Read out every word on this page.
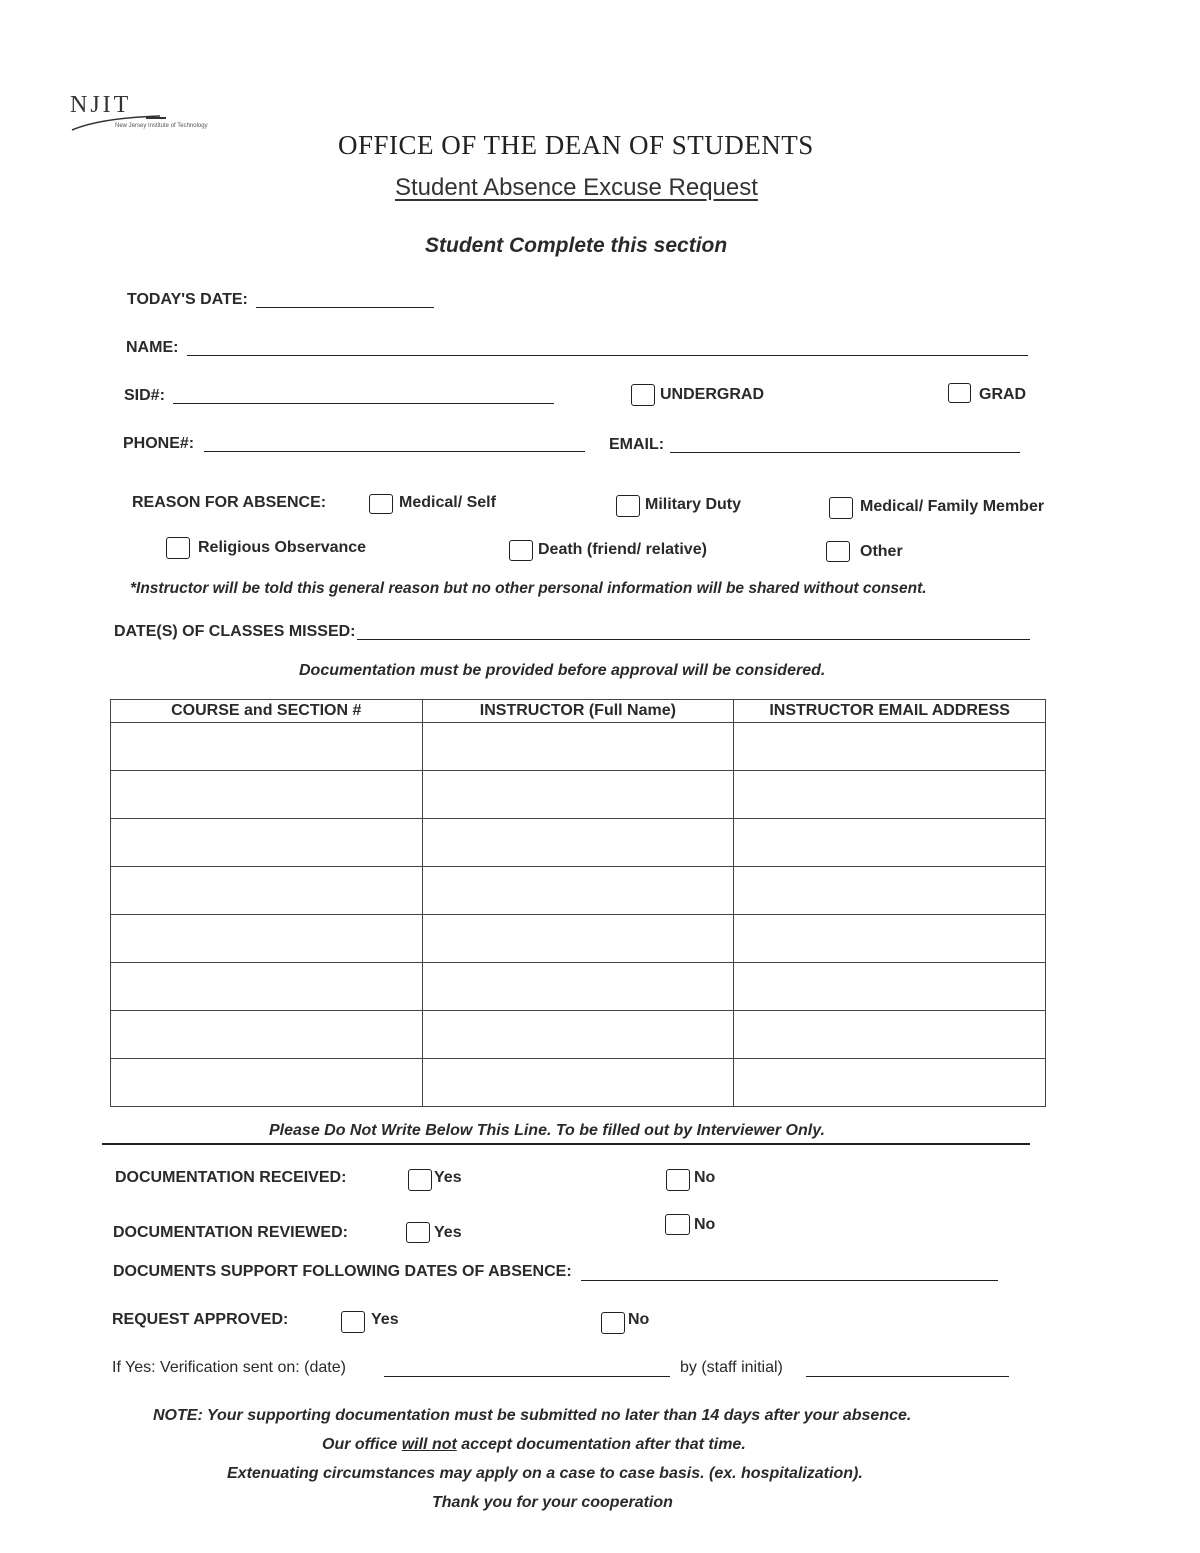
NJIT
New Jersey Institute of Technology
OFFICE OF THE DEAN OF STUDENTS
Student Absence Excuse Request
Student Complete this section
TODAY'S DATE:
NAME:
SID#:	UNDERGRAD	GRAD
PHONE#:	EMAIL:
REASON FOR ABSENCE:	Medical/ Self	Military Duty	Medical/ Family Member
Religious Observance	Death (friend/ relative)	Other
*Instructor will be told this general reason but no other personal information will be shared without consent.
DATE(S) OF CLASSES MISSED:
Documentation must be provided before approval will be considered.
COURSE and SECTION #	INSTRUCTOR (Full Name)	INSTRUCTOR EMAIL ADDRESS

Please Do Not Write Below This Line. To be filled out by Interviewer Only.
DOCUMENTATION RECEIVED:	Yes	No
DOCUMENTATION REVIEWED:	Yes	No
DOCUMENTS SUPPORT FOLLOWING DATES OF ABSENCE:
REQUEST APPROVED:	Yes	No
If Yes: Verification sent on: (date)	by (staff initial)
NOTE: Your supporting documentation must be submitted no later than 14 days after your absence.
Our office will not accept documentation after that time.
Extenuating circumstances may apply on a case to case basis. (ex. hospitalization).
Thank you for your cooperation
